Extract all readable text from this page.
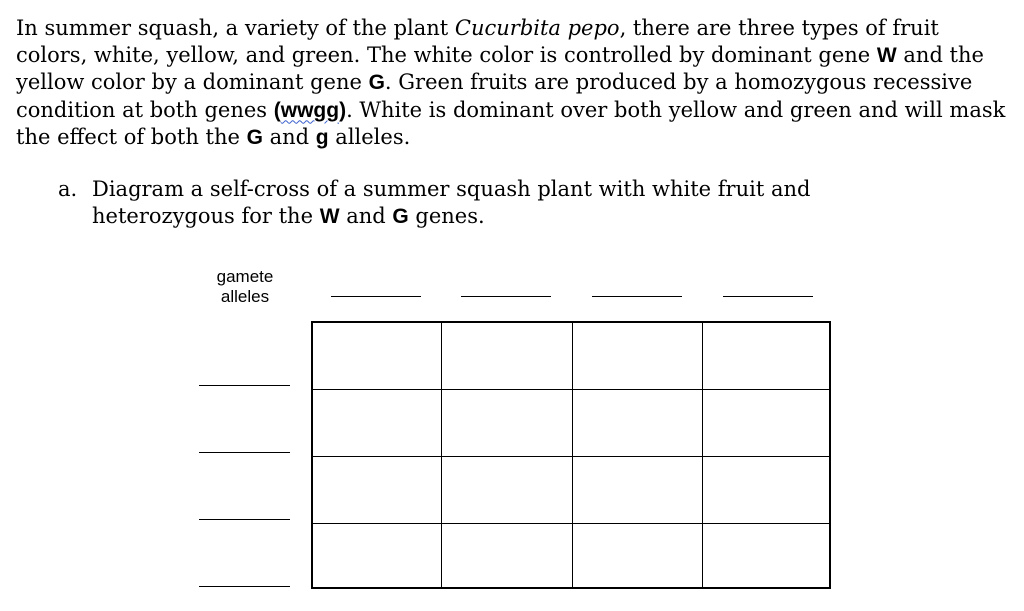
In summer squash, a variety of the plant Cucurbita pepo, there are three types of fruit colors, white, yellow, and green. The white color is controlled by dominant gene W and the yellow color by a dominant gene G. Green fruits are produced by a homozygous recessive condition at both genes (wwgg). White is dominant over both yellow and green and will mask the effect of both the G and g alleles.

a. Diagram a self-cross of a summer squash plant with white fruit and heterozygous for the W and G genes.
gamete
alleles
